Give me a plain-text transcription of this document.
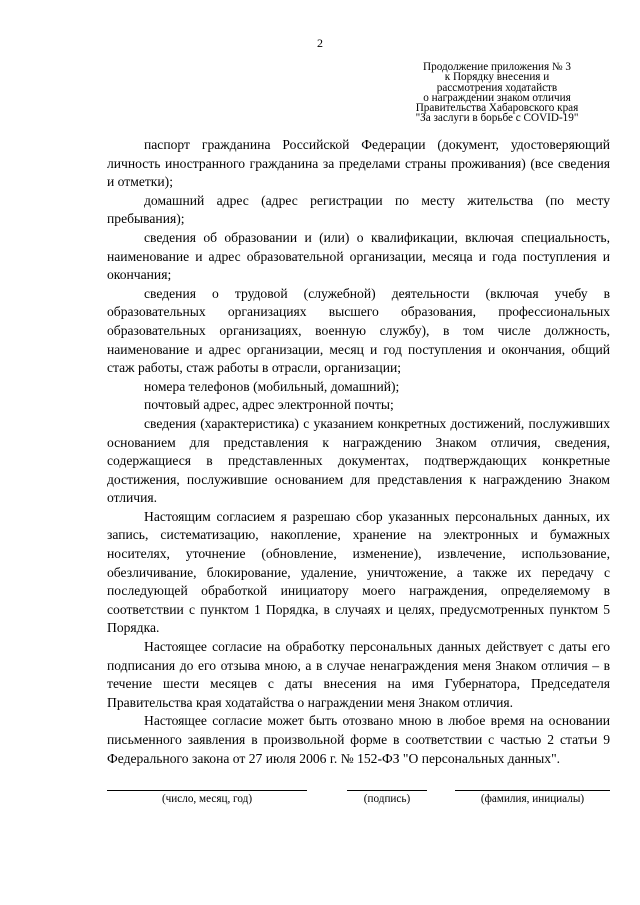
2
Продолжение приложения № 3
к Порядку внесения и
рассмотрения ходатайств
о награждении знаком отличия
Правительства Хабаровского края
"За заслуги в борьбе с COVID-19"

паспорт гражданина Российской Федерации (документ, удостоверяющий личность иностранного гражданина за пределами страны проживания) (все сведения и отметки);

домашний адрес (адрес регистрации по месту жительства (по месту пребывания);

сведения об образовании и (или) о квалификации, включая специальность, наименование и адрес образовательной организации, месяца и года поступления и окончания;

сведения о трудовой (служебной) деятельности (включая учебу в образовательных организациях высшего образования, профессиональных образовательных организациях, военную службу), в том числе должность, наименование и адрес организации, месяц и год поступления и окончания, общий стаж работы, стаж работы в отрасли, организации;

номера телефонов (мобильный, домашний);

почтовый адрес, адрес электронной почты;

сведения (характеристика) с указанием конкретных достижений, послуживших основанием для представления к награждению Знаком отличия, сведения, содержащиеся в представленных документах, подтверждающих конкретные достижения, послужившие основанием для представления к награждению Знаком отличия.

Настоящим согласием я разрешаю сбор указанных персональных данных, их запись, систематизацию, накопление, хранение на электронных и бумажных носителях, уточнение (обновление, изменение), извлечение, использование, обезличивание, блокирование, удаление, уничтожение, а также их передачу с последующей обработкой инициатору моего награждения, определяемому в соответствии с пунктом 1 Порядка, в случаях и целях, предусмотренных пунктом 5 Порядка.

Настоящее согласие на обработку персональных данных действует с даты его подписания до его отзыва мною, а в случае ненаграждения меня Знаком отличия – в течение шести месяцев с даты внесения на имя Губернатора, Председателя Правительства края ходатайства о награждении меня Знаком отличия.

Настоящее согласие может быть отозвано мною в любое время на основании письменного заявления в произвольной форме в соответствии с частью 2 статьи 9 Федерального закона от 27 июля 2006 г. № 152-ФЗ "О персональных данных".

(число, месяц, год)	(подпись)	(фамилия, инициалы)
